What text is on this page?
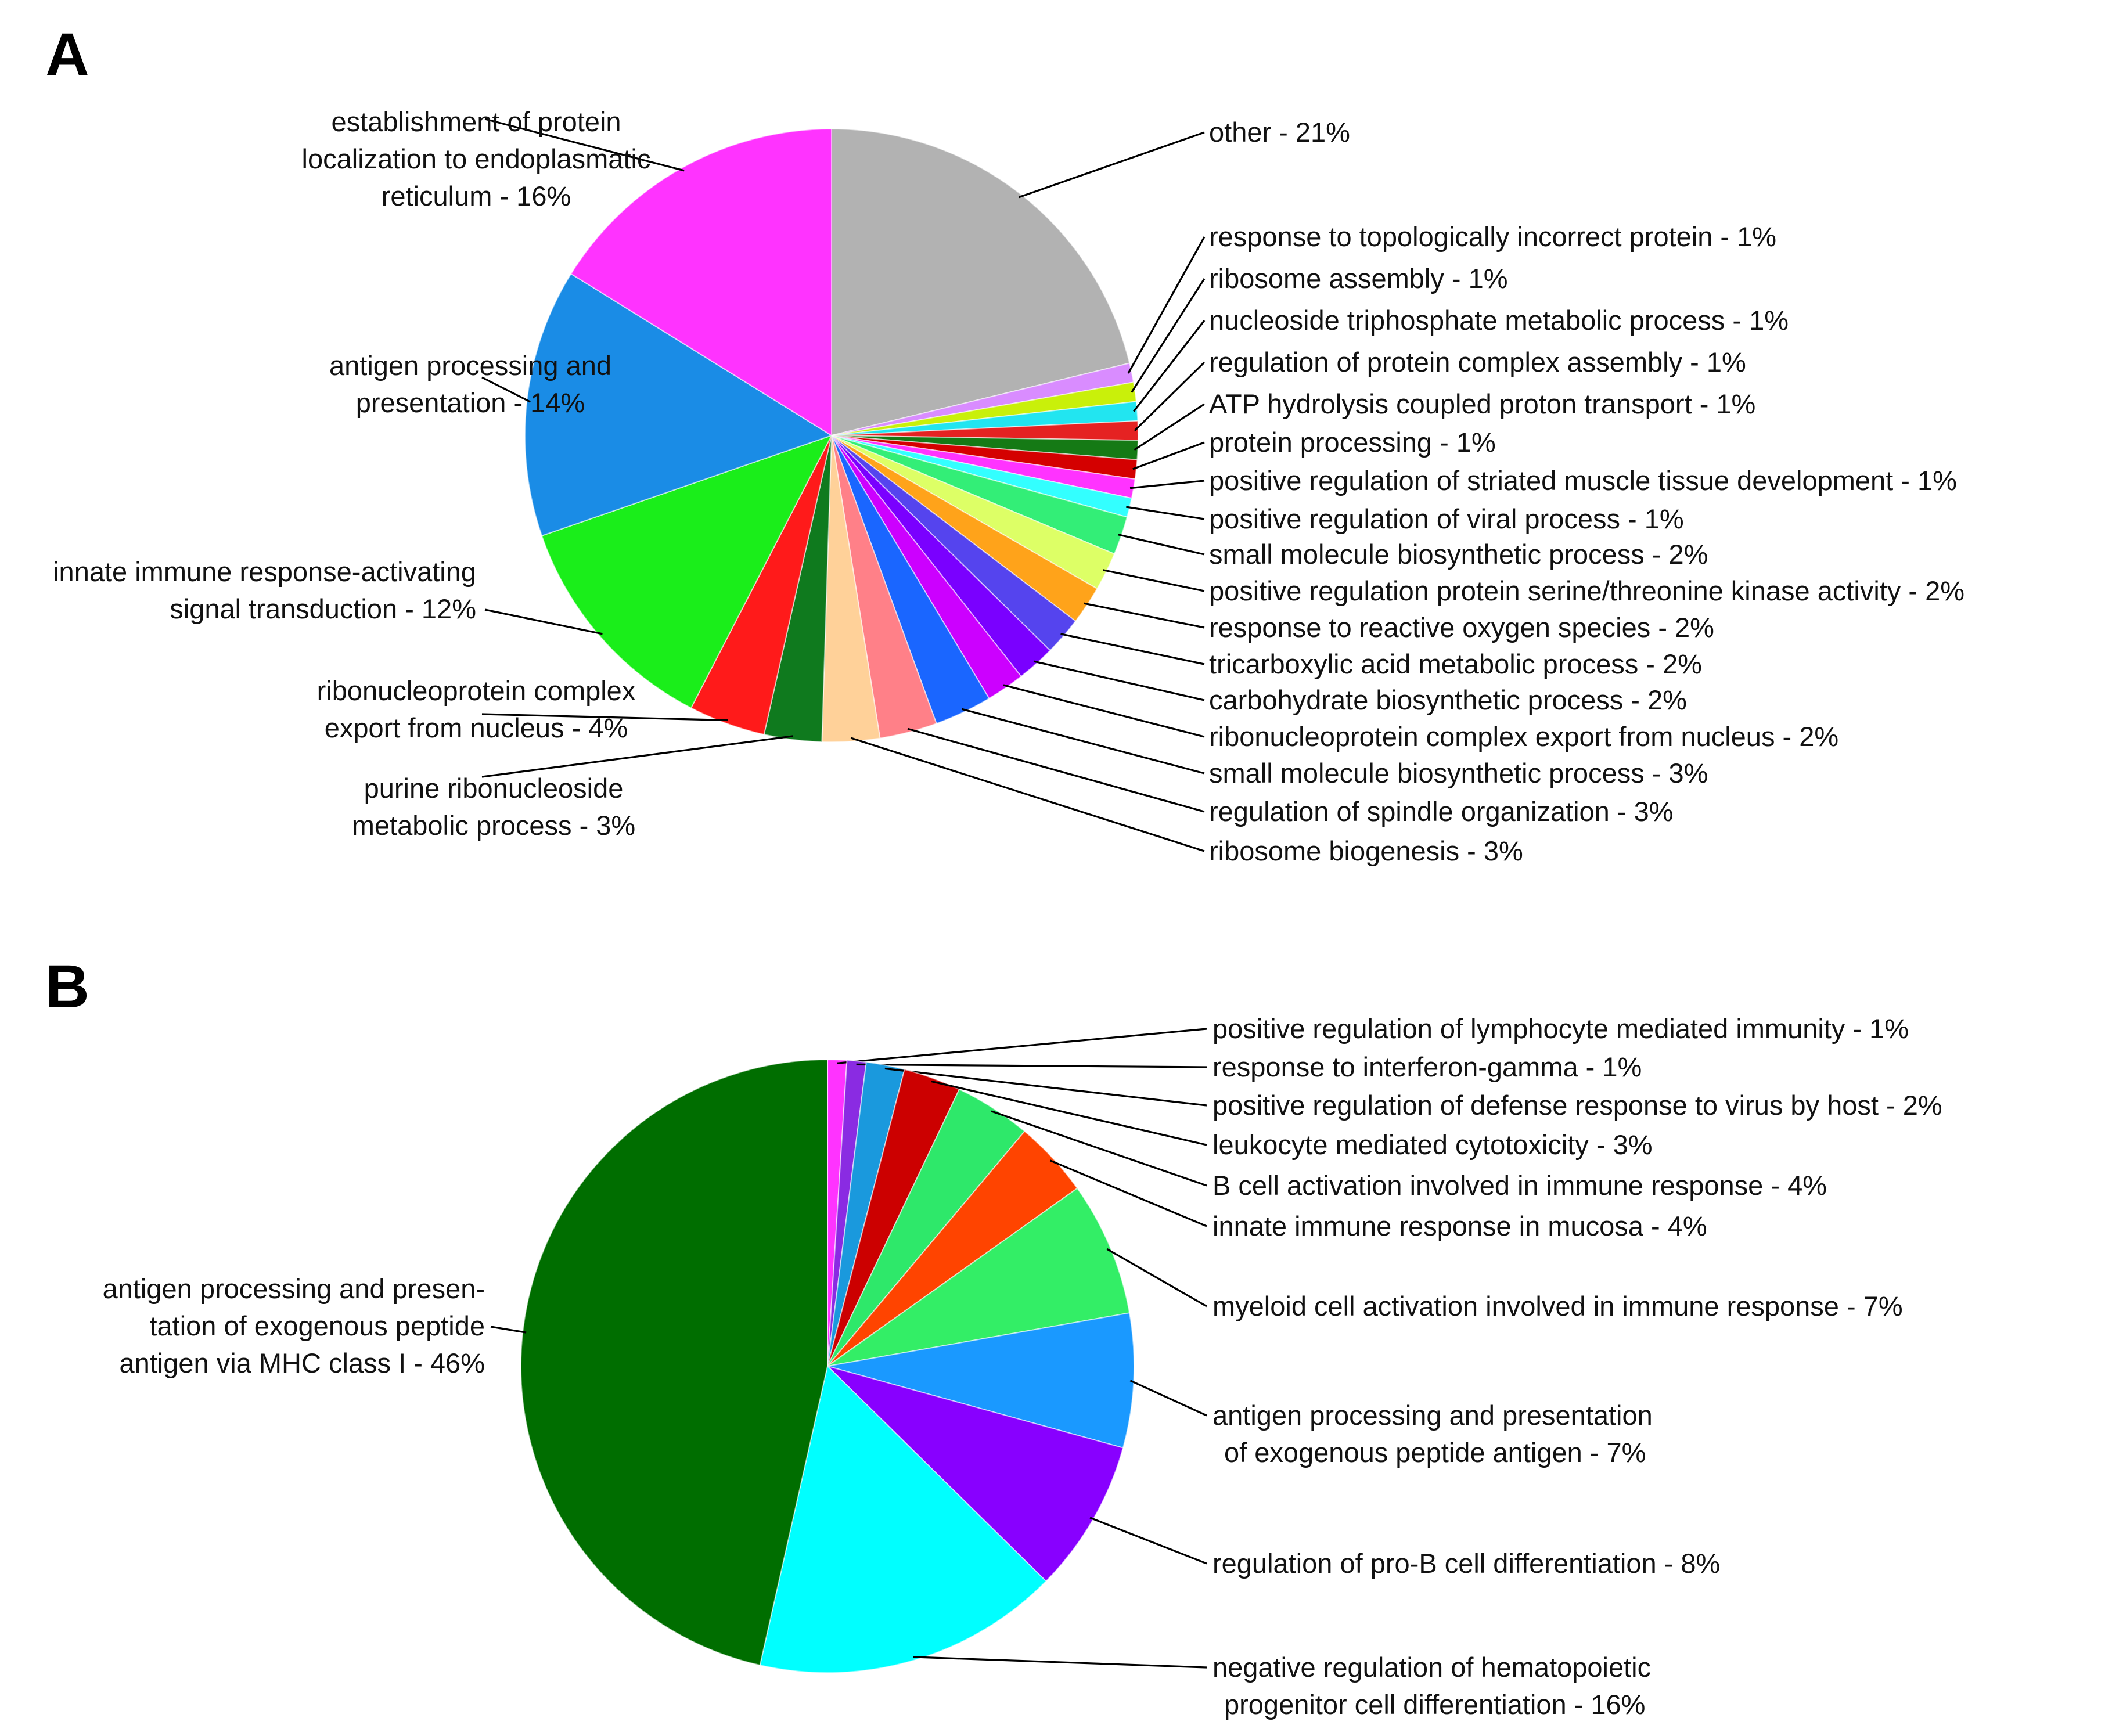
A
B
other - 21%
response to topologically incorrect protein - 1%
ribosome assembly - 1%
nucleoside triphosphate metabolic process - 1%
regulation of protein complex assembly - 1%
ATP hydrolysis coupled proton transport - 1%
protein processing - 1%
positive regulation of striated muscle tissue development - 1%
positive regulation of viral process - 1%
small molecule biosynthetic process - 2%
positive regulation protein serine/threonine kinase activity - 2%
response to reactive oxygen species - 2%
tricarboxylic acid metabolic process - 2%
carbohydrate biosynthetic process - 2%
ribonucleoprotein complex export from nucleus - 2%
small molecule biosynthetic process - 3%
regulation of spindle organization - 3%
ribosome biogenesis - 3%
purine ribonucleoside metabolic process - 3%
ribonucleoprotein complex export from nucleus - 4%
innate immune response-activating signal transduction - 12%
antigen processing and presentation - 14%
establishment of protein localization to endoplasmatic reticulum - 16%
positive regulation of lymphocyte mediated immunity - 1%
response to interferon-gamma - 1%
positive regulation of defense response to virus by host - 2%
leukocyte mediated cytotoxicity - 3%
B cell activation involved in immune response - 4%
innate immune response in mucosa - 4%
myeloid cell activation involved in immune response - 7%
antigen processing and presentation of exogenous peptide antigen - 7%
regulation of pro-B cell differentiation - 8%
negative regulation of hematopoietic progenitor cell differentiation - 16%
antigen processing and presen-tation of exogenous peptide antigen via MHC class I - 46%
